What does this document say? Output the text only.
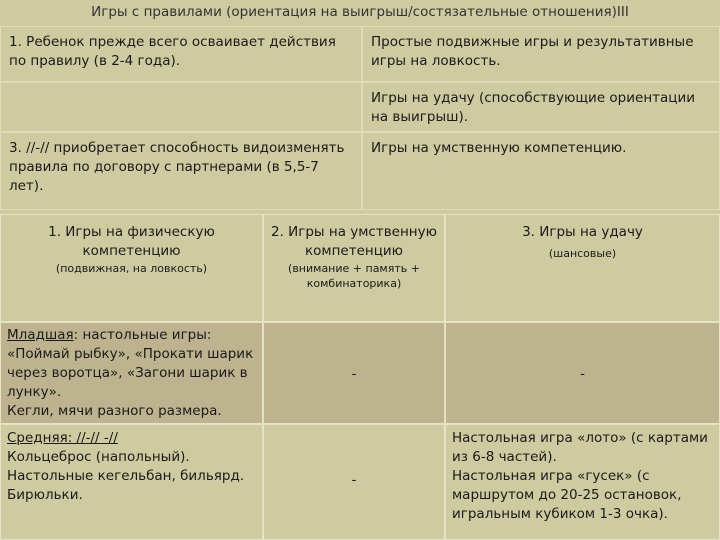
Игры с правилами (ориентация на выигрыш/состязательные отношения)III
1. Ребенок прежде всего осваивает действия по правилу (в 2-4 года).
Простые подвижные игры и результативные игры на ловкость.
Игры на удачу (способствующие ориентации на выигрыш).
3. //-// приобретает способность видоизменять правила по договору с партнерами (в 5,5-7 лет).
Игры на умственную компетенцию.
1. Игры на физическую компетенцию
(подвижная, на ловкость)
2. Игры на умственную компетенцию
(внимание + память + комбинаторика)
3. Игры на удачу
(шансовые)
Младшая: настольные игры:
«Поймай рыбку», «Прокати шарик через воротца», «Загони шарик в лунку».
Кегли, мячи разного размера.
-	-
Средняя: //-// -//
Кольцеброс (напольный).
Настольные кегельбан, бильярд.
Бирюльки.
-
Настольная игра «лото» (с картами из 6-8 частей).
Настольная игра «гусек» (с маршрутом до 20-25 остановок, игральным кубиком 1-3 очка).
